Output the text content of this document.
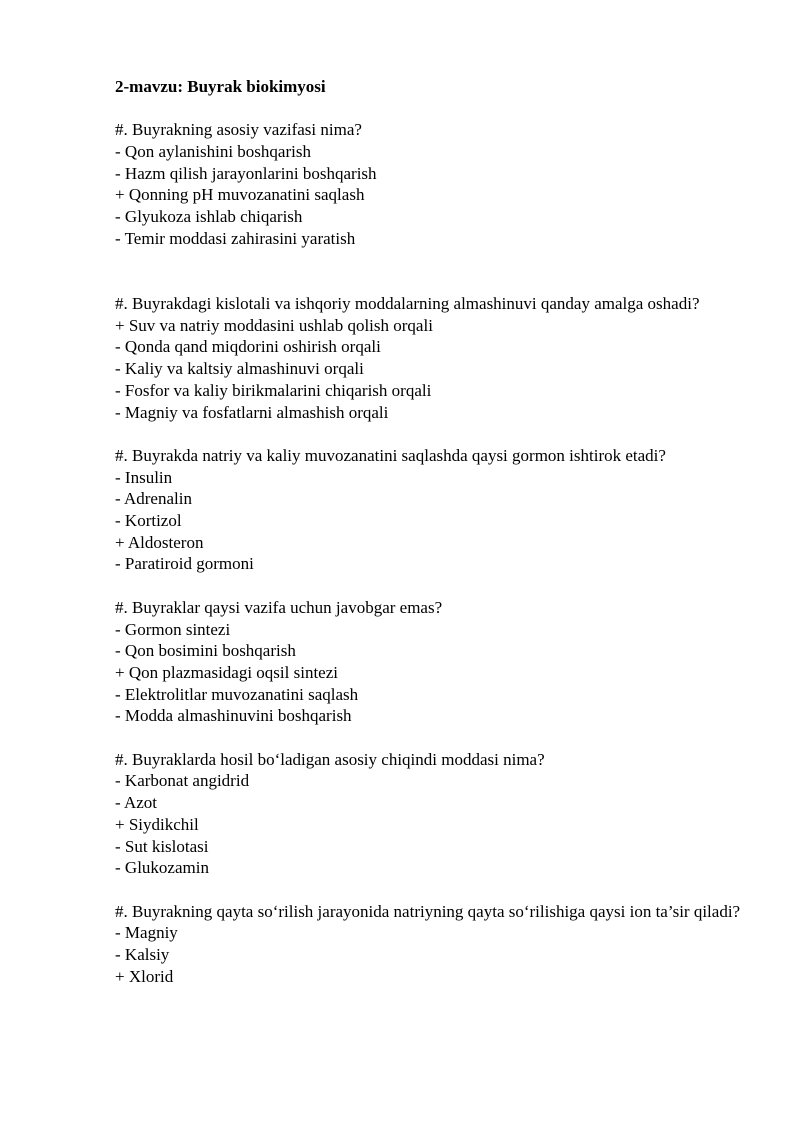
2-mavzu: Buyrak biokimyosi

#. Buyrakning asosiy vazifasi nima?

- Qon aylanishini boshqarish

- Hazm qilish jarayonlarini boshqarish

+ Qonning pH muvozanatini saqlash

- Glyukoza ishlab chiqarish

- Temir moddasi zahirasini yaratish

#. Buyrakdagi kislotali va ishqoriy moddalarning almashinuvi qanday amalga oshadi?

+ Suv va natriy moddasini ushlab qolish orqali

- Qonda qand miqdorini oshirish orqali

- Kaliy va kaltsiy almashinuvi orqali

- Fosfor va kaliy birikmalarini chiqarish orqali

- Magniy va fosfatlarni almashish orqali

#. Buyrakda natriy va kaliy muvozanatini saqlashda qaysi gormon ishtirok etadi?

- Insulin

- Adrenalin

- Kortizol

+ Aldosteron

- Paratiroid gormoni

#. Buyraklar qaysi vazifa uchun javobgar emas?

- Gormon sintezi

- Qon bosimini boshqarish

+ Qon plazmasidagi oqsil sintezi

- Elektrolitlar muvozanatini saqlash

- Modda almashinuvini boshqarish

#. Buyraklarda hosil bo‘ladigan asosiy chiqindi moddasi nima?

- Karbonat angidrid

- Azot

+ Siydikchil

- Sut kislotasi

- Glukozamin

#. Buyrakning qayta so‘rilish jarayonida natriyning qayta so‘rilishiga qaysi ion ta’sir qiladi?

- Magniy

- Kalsiy

+ Xlorid
